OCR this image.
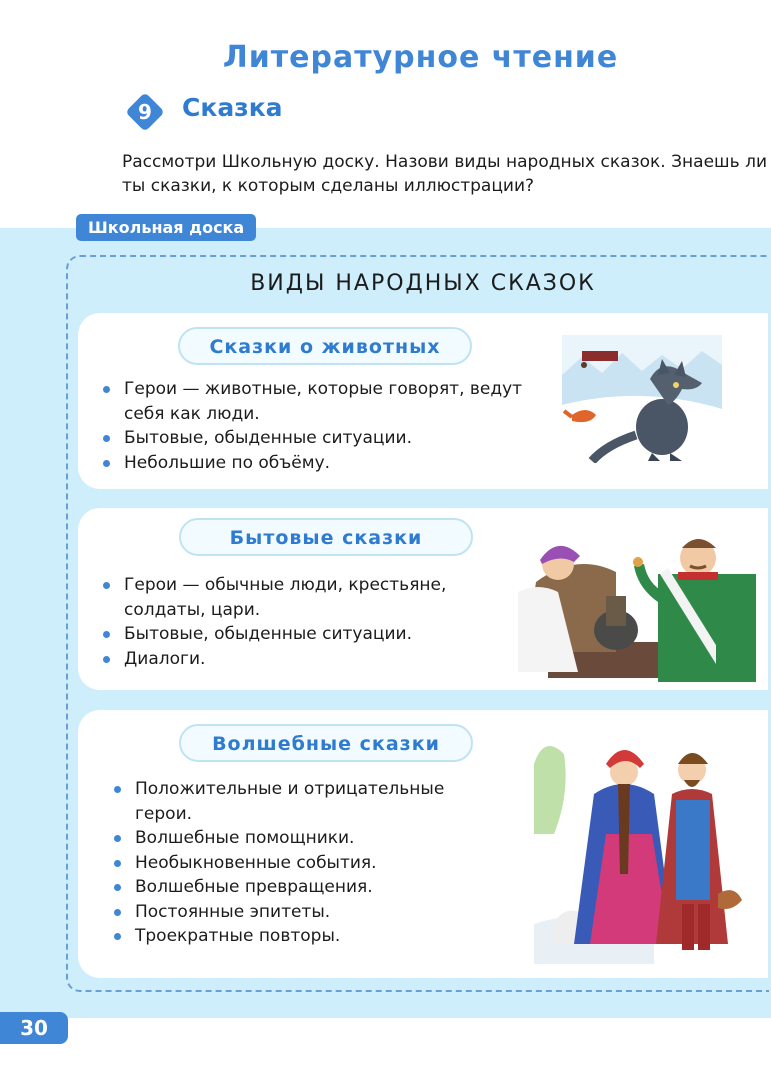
Литературное чтение
9	Сказка
Рассмотри Школьную доску. Назови виды народных сказок. Знаешь ли ты сказки, к которым сделаны иллюстрации?
Школьная доска
ВИДЫ НАРОДНЫХ СКАЗОК
Сказки о животных
Герои — животные, которые говорят, ведут себя как люди.
Бытовые, обыденные ситуации.
Небольшие по объёму.
Бытовые сказки
Герои — обычные люди, крестьяне, солдаты, цари.
Бытовые, обыденные ситуации.
Диалоги.
Волшебные сказки
Положительные и отрицательные герои.
Волшебные помощники.
Необыкновенные события.
Волшебные превращения.
Постоянные эпитеты.
Троекратные повторы.
30
